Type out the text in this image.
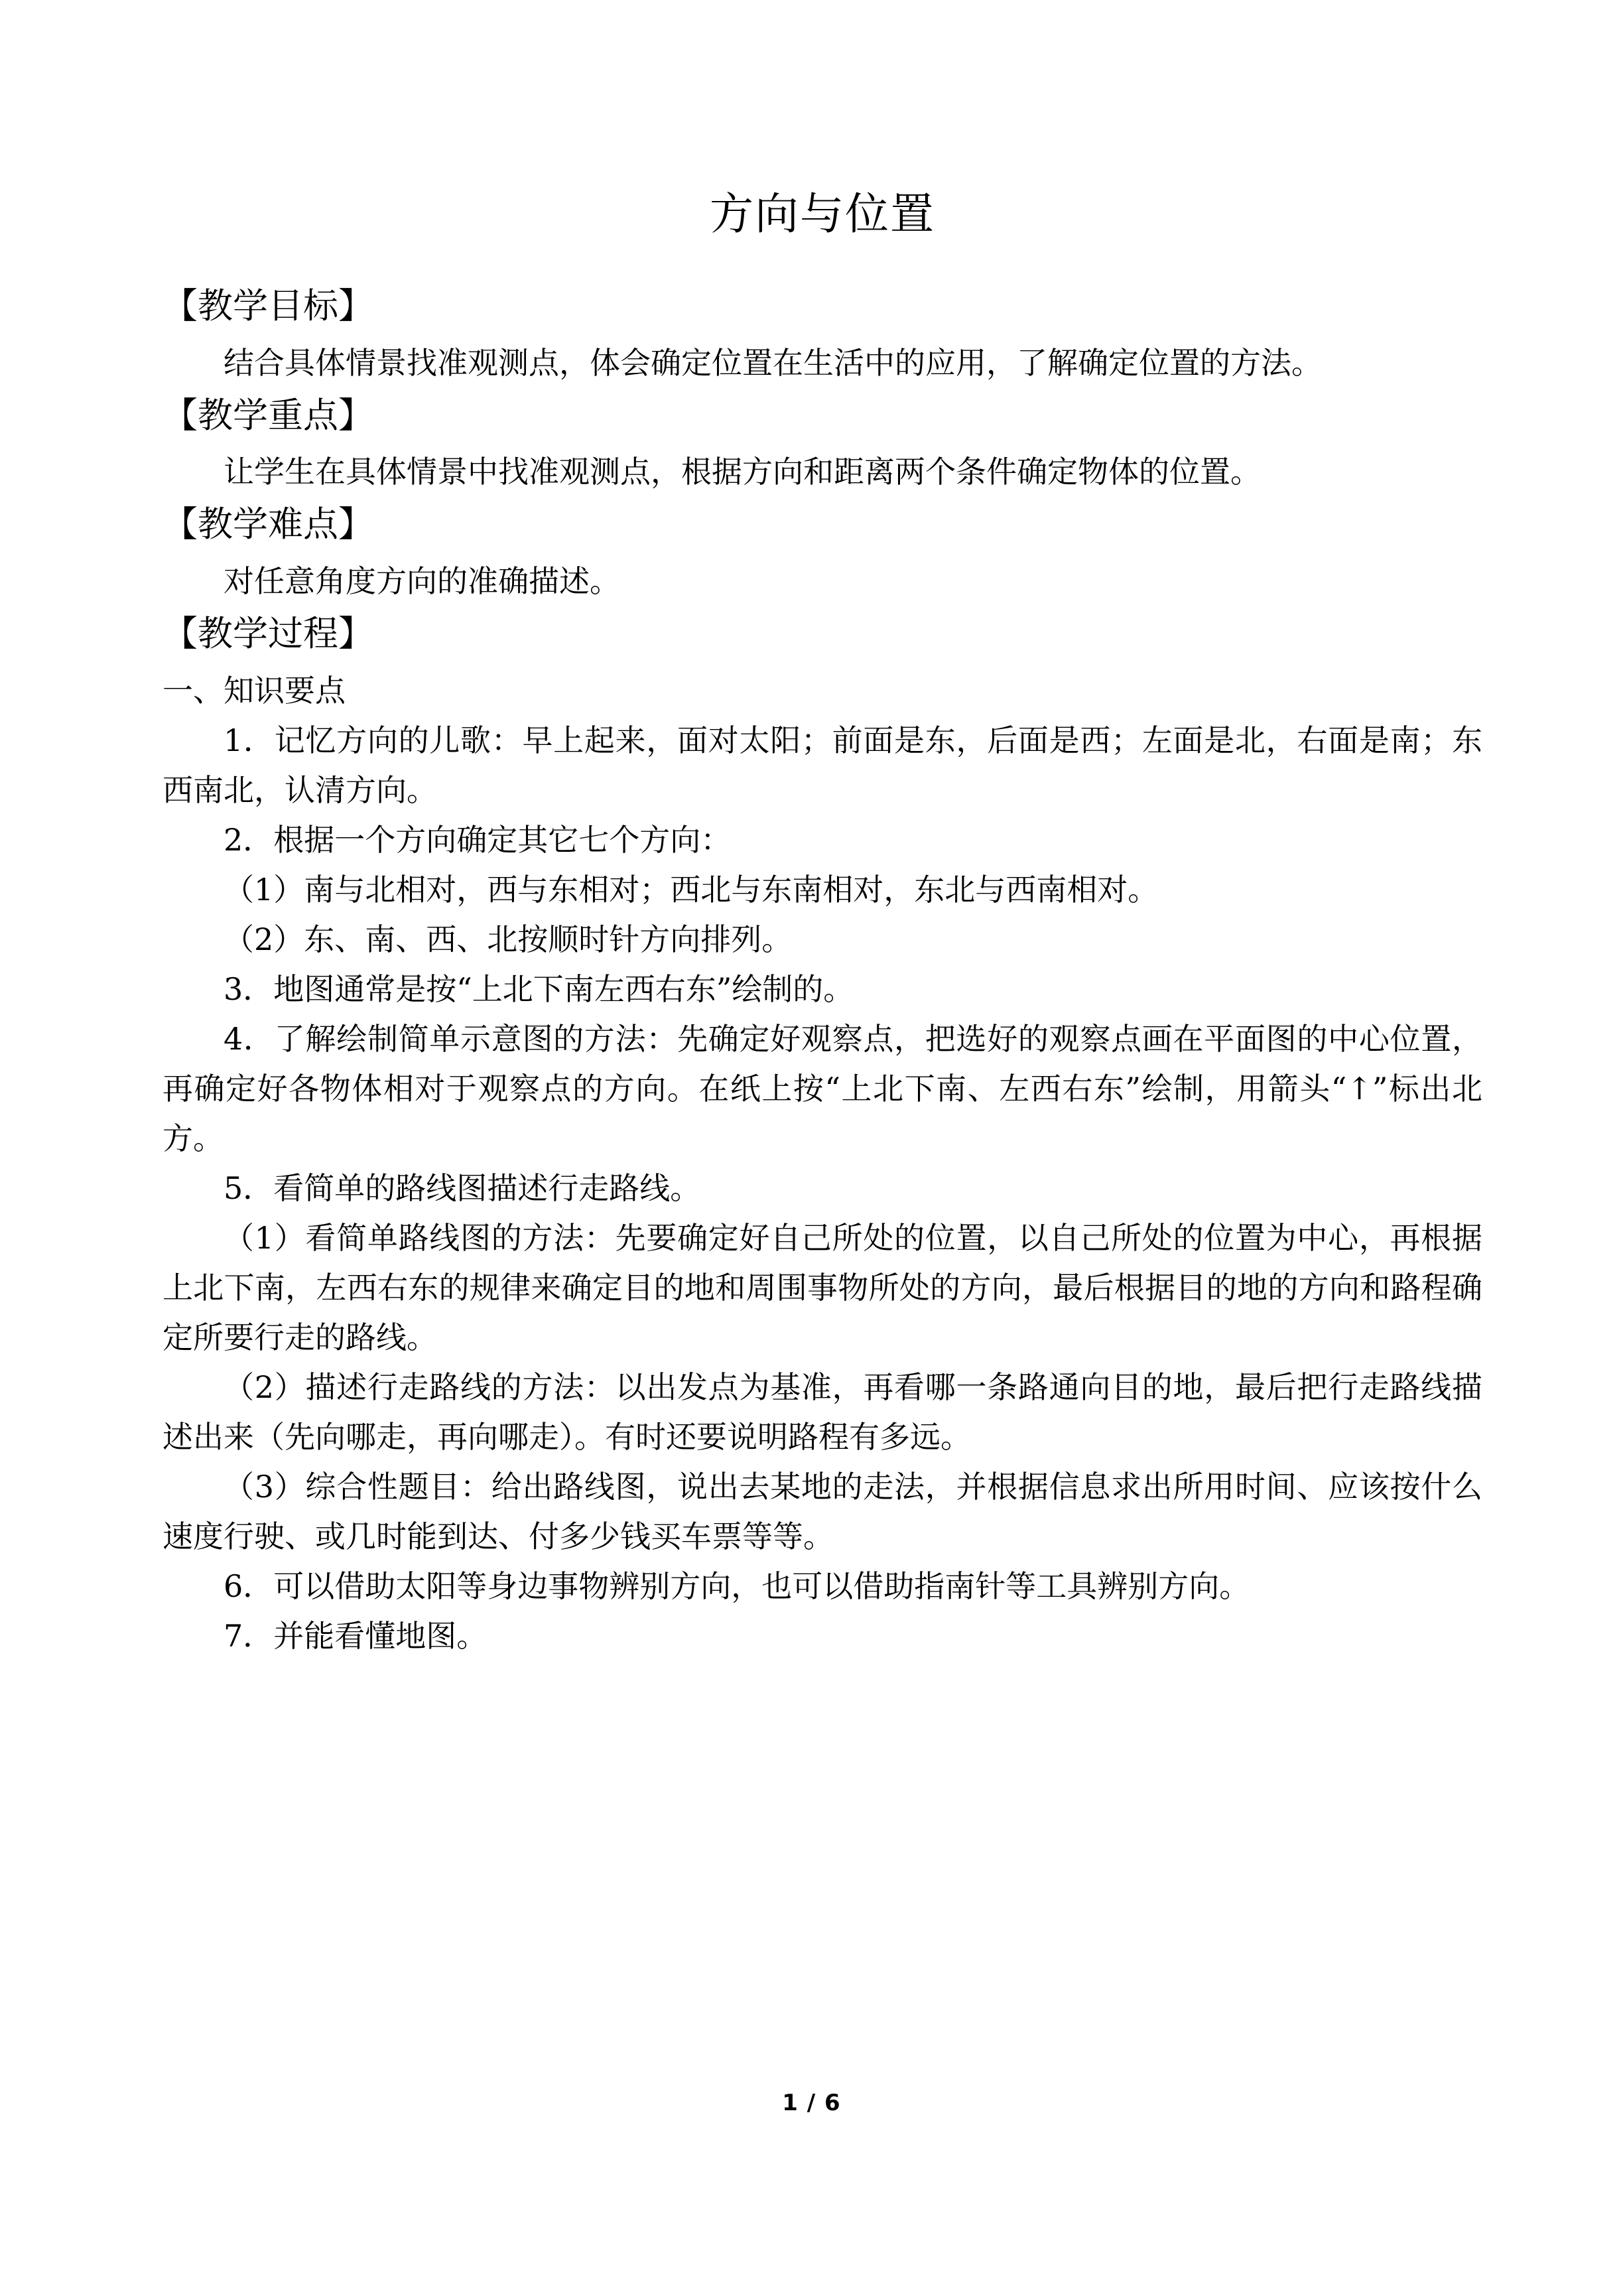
方向与位置
【教学目标】
结合具体情景找准观测点，体会确定位置在生活中的应用，了解确定位置的方法。
【教学重点】
让学生在具体情景中找准观测点，根据方向和距离两个条件确定物体的位置。
【教学难点】
对任意角度方向的准确描述。
【教学过程】
一、知识要点
1．记忆方向的儿歌：早上起来，面对太阳；前面是东，后面是西；左面是北，右面是南；东西南北，认清方向。
2．根据一个方向确定其它七个方向：
（1）南与北相对，西与东相对；西北与东南相对，东北与西南相对。
（2）东、南、西、北按顺时针方向排列。
3．地图通常是按“上北下南左西右东”绘制的。
4．了解绘制简单示意图的方法：先确定好观察点，把选好的观察点画在平面图的中心位置，再确定好各物体相对于观察点的方向。在纸上按“上北下南、左西右东”绘制，用箭头“↑”标出北方。
5．看简单的路线图描述行走路线。
（1）看简单路线图的方法：先要确定好自己所处的位置，以自己所处的位置为中心，再根据上北下南，左西右东的规律来确定目的地和周围事物所处的方向，最后根据目的地的方向和路程确定所要行走的路线。
（2）描述行走路线的方法：以出发点为基准，再看哪一条路通向目的地，最后把行走路线描述出来（先向哪走，再向哪走）。有时还要说明路程有多远。
（3）综合性题目：给出路线图，说出去某地的走法，并根据信息求出所用时间、应该按什么速度行驶、或几时能到达、付多少钱买车票等等。
6．可以借助太阳等身边事物辨别方向，也可以借助指南针等工具辨别方向。
7．并能看懂地图。
1 / 6
